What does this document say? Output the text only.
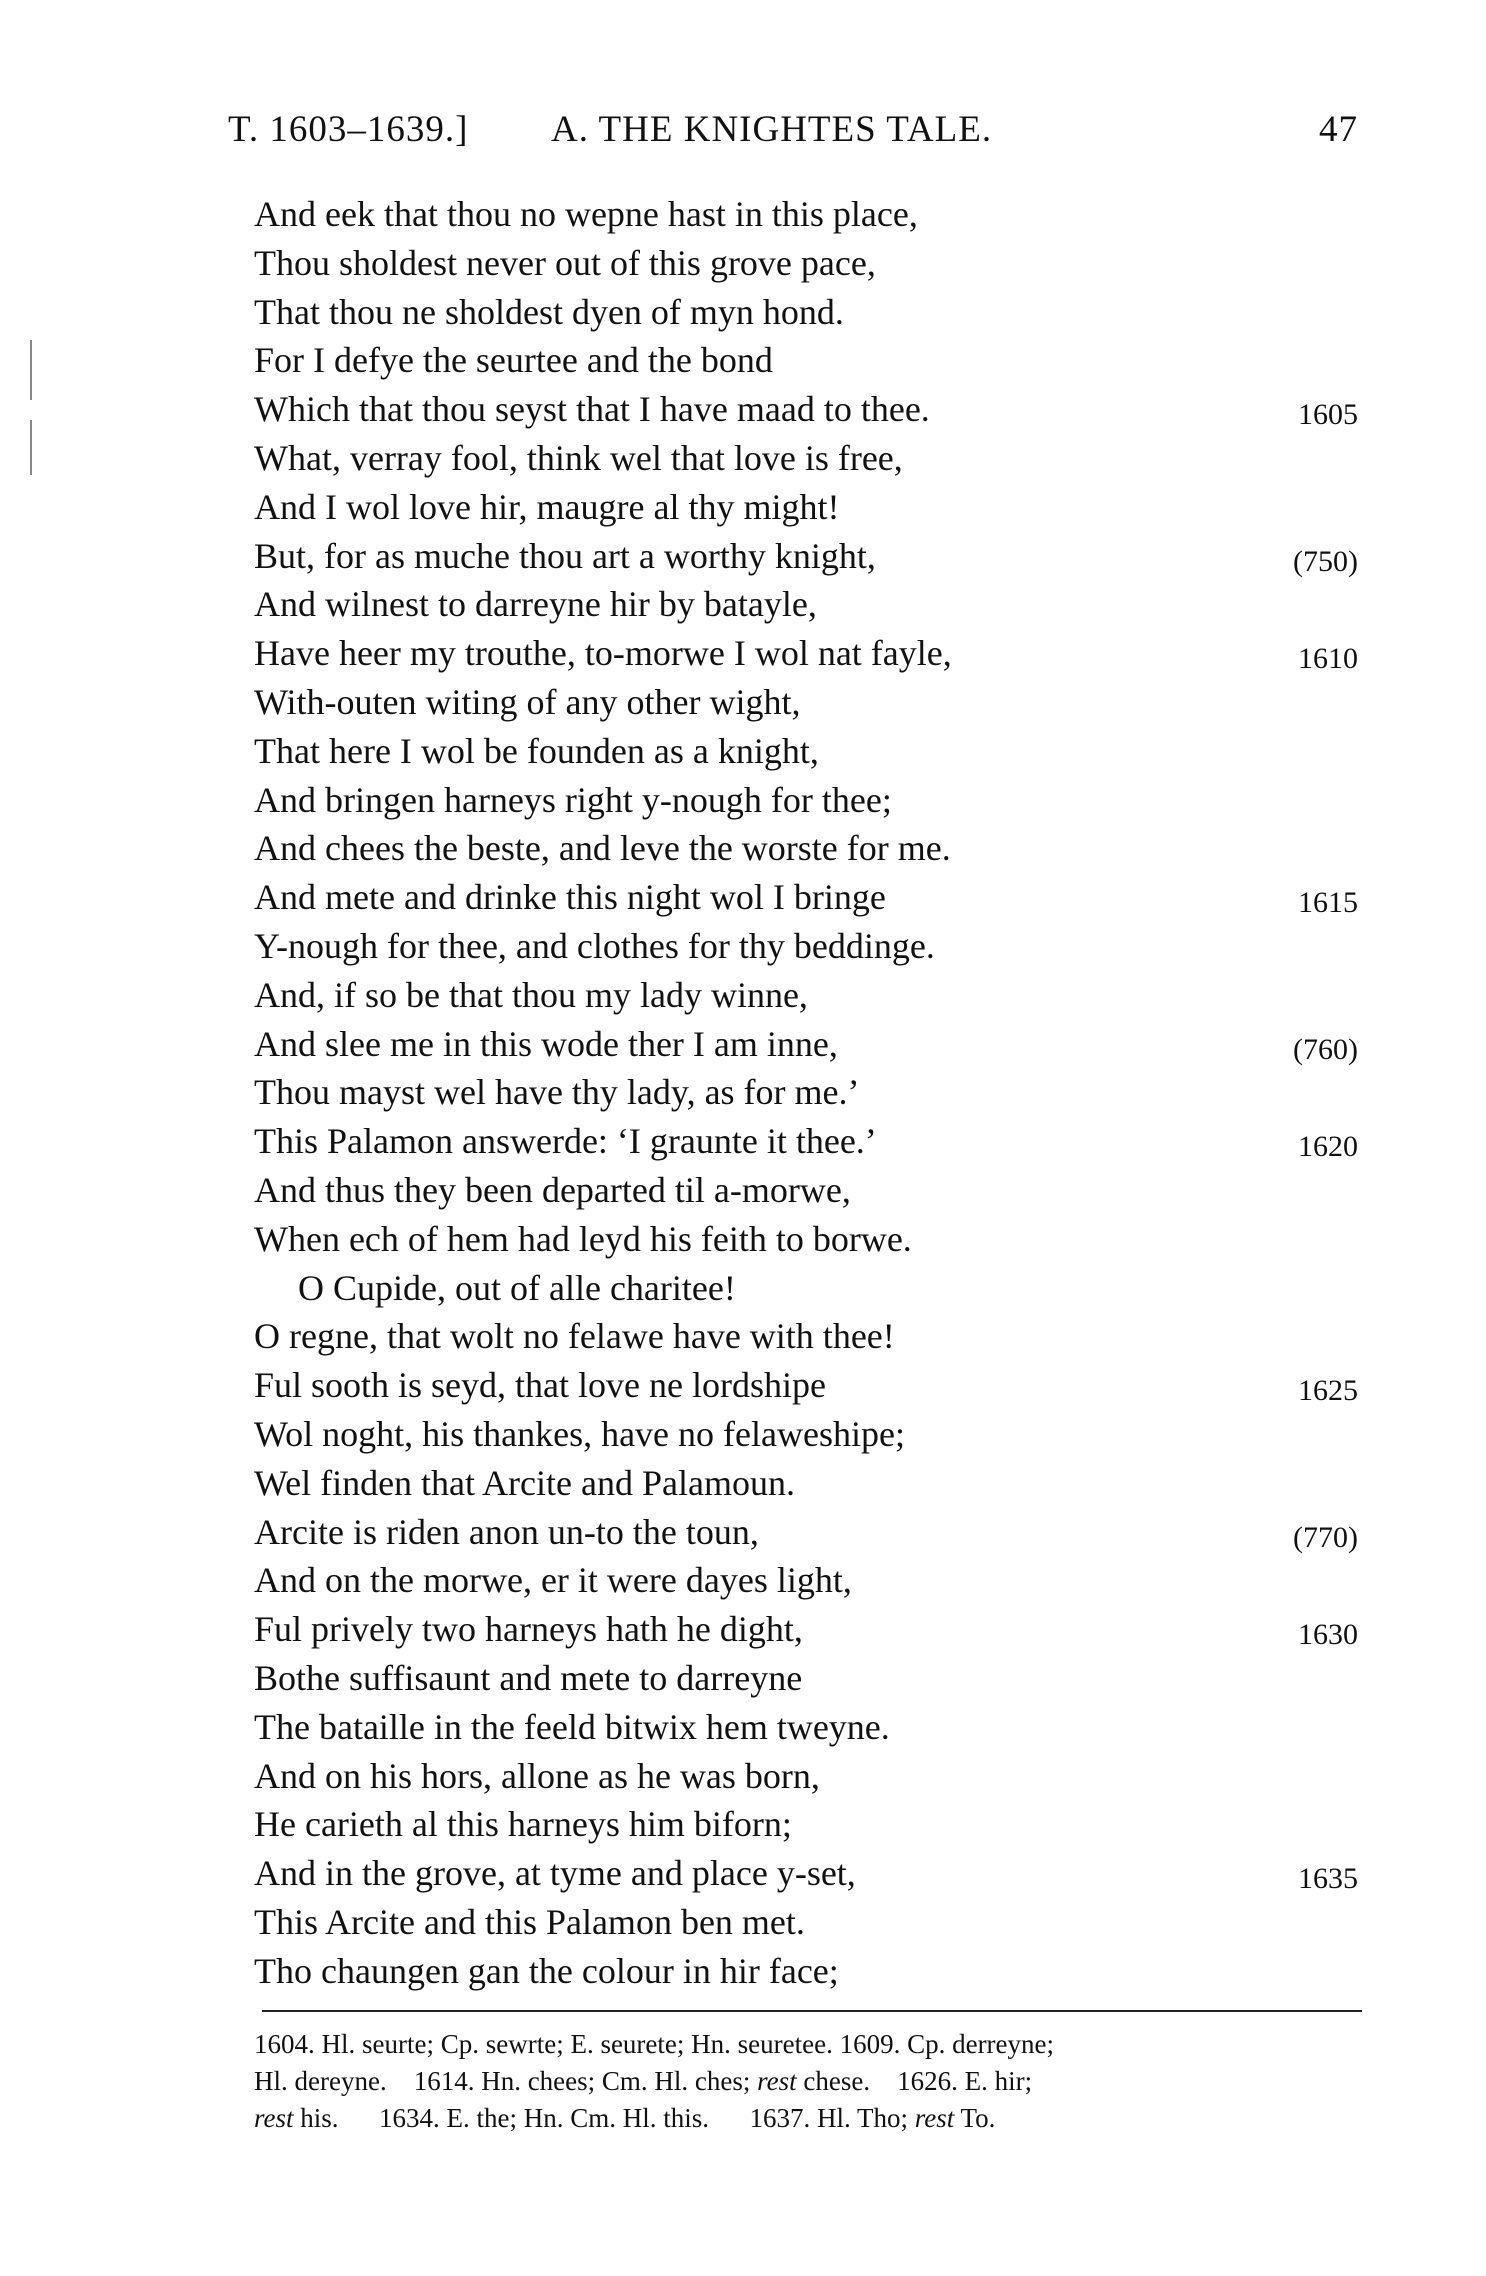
T. 1603–1639.] A. THE KNIGHTES TALE.	47
And eek that thou no wepne hast in this place,
Thou sholdest never out of this grove pace,
That thou ne sholdest dyen of myn hond.
For I defye the seurtee and the bond
Which that thou seyst that I have maad to thee.	1605
What, verray fool, think wel that love is free,
And I wol love hir, maugre al thy might!
But, for as muche thou art a worthy knight,	(750)
And wilnest to darreyne hir by batayle,
Have heer my trouthe, to-morwe I wol nat fayle,	1610
With-outen witing of any other wight,
That here I wol be founden as a knight,
And bringen harneys right y-nough for thee;
And chees the beste, and leve the worste for me.
And mete and drinke this night wol I bringe	1615
Y-nough for thee, and clothes for thy beddinge.
And, if so be that thou my lady winne,
And slee me in this wode ther I am inne,	(760)
Thou mayst wel have thy lady, as for me.’
This Palamon answerde: ‘I graunte it thee.’	1620
And thus they been departed til a-morwe,
When ech of hem had leyd his feith to borwe.
O Cupide, out of alle charitee!
O regne, that wolt no felawe have with thee!
Ful sooth is seyd, that love ne lordshipe	1625
Wol noght, his thankes, have no felaweshipe;
Wel finden that Arcite and Palamoun.
Arcite is riden anon un-to the toun,	(770)
And on the morwe, er it were dayes light,
Ful prively two harneys hath he dight,	1630
Bothe suffisaunt and mete to darreyne
The bataille in the feeld bitwix hem tweyne.
And on his hors, allone as he was born,
He carieth al this harneys him biforn;
And in the grove, at tyme and place y-set,	1635
This Arcite and this Palamon ben met.
Tho chaungen gan the colour in hir face;
1604. Hl. seurte; Cp. sewrte; E. seurete; Hn. seuretee. 1609. Cp. derreyne;
Hl. dereyne. 1614. Hn. chees; Cm. Hl. ches; rest chese. 1626. E. hir;
rest his. 1634. E. the; Hn. Cm. Hl. this. 1637. Hl. Tho; rest To.
